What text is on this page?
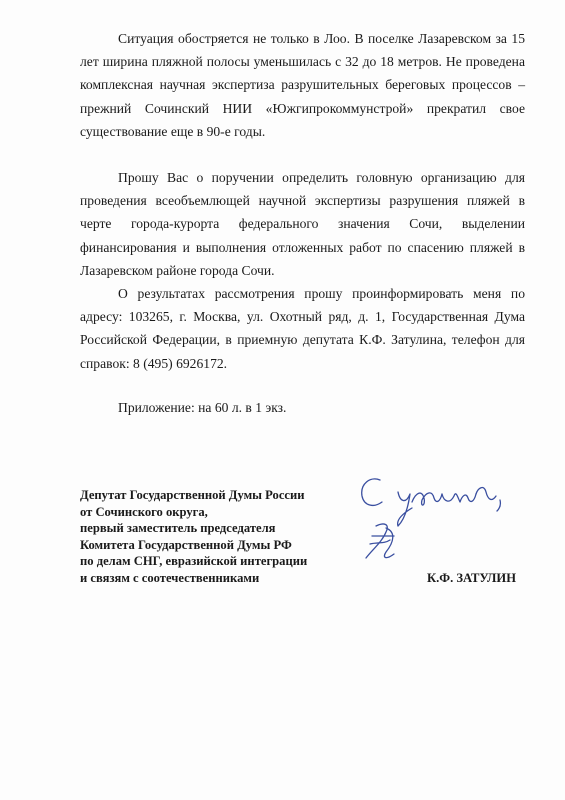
Ситуация обостряется не только в Лоо. В поселке Лазаревском за 15 лет ширина пляжной полосы уменьшилась с 32 до 18 метров. Не проведена комплексная научная экспертиза разрушительных береговых процессов – прежний Сочинский НИИ «Южгипрокоммунстрой» прекратил свое существование еще в 90-е годы.

Прошу Вас о поручении определить головную организацию для проведения всеобъемлющей научной экспертизы разрушения пляжей в черте города-курорта федерального значения Сочи, выделении финансирования и выполнения отложенных работ по спасению пляжей в Лазаревском районе города Сочи.

О результатах рассмотрения прошу проинформировать меня по адресу: 103265, г. Москва, ул. Охотный ряд, д. 1, Государственная Дума Российской Федерации, в приемную депутата К.Ф. Затулина, телефон для справок: 8 (495) 6926172.

Приложение: на 60 л. в 1 экз.

Депутат Государственной Думы России
от Сочинского округа,
первый заместитель председателя
Комитета Государственной Думы РФ
по делам СНГ, евразийской интеграции
и связям с соотечественниками	К.Ф. ЗАТУЛИН
